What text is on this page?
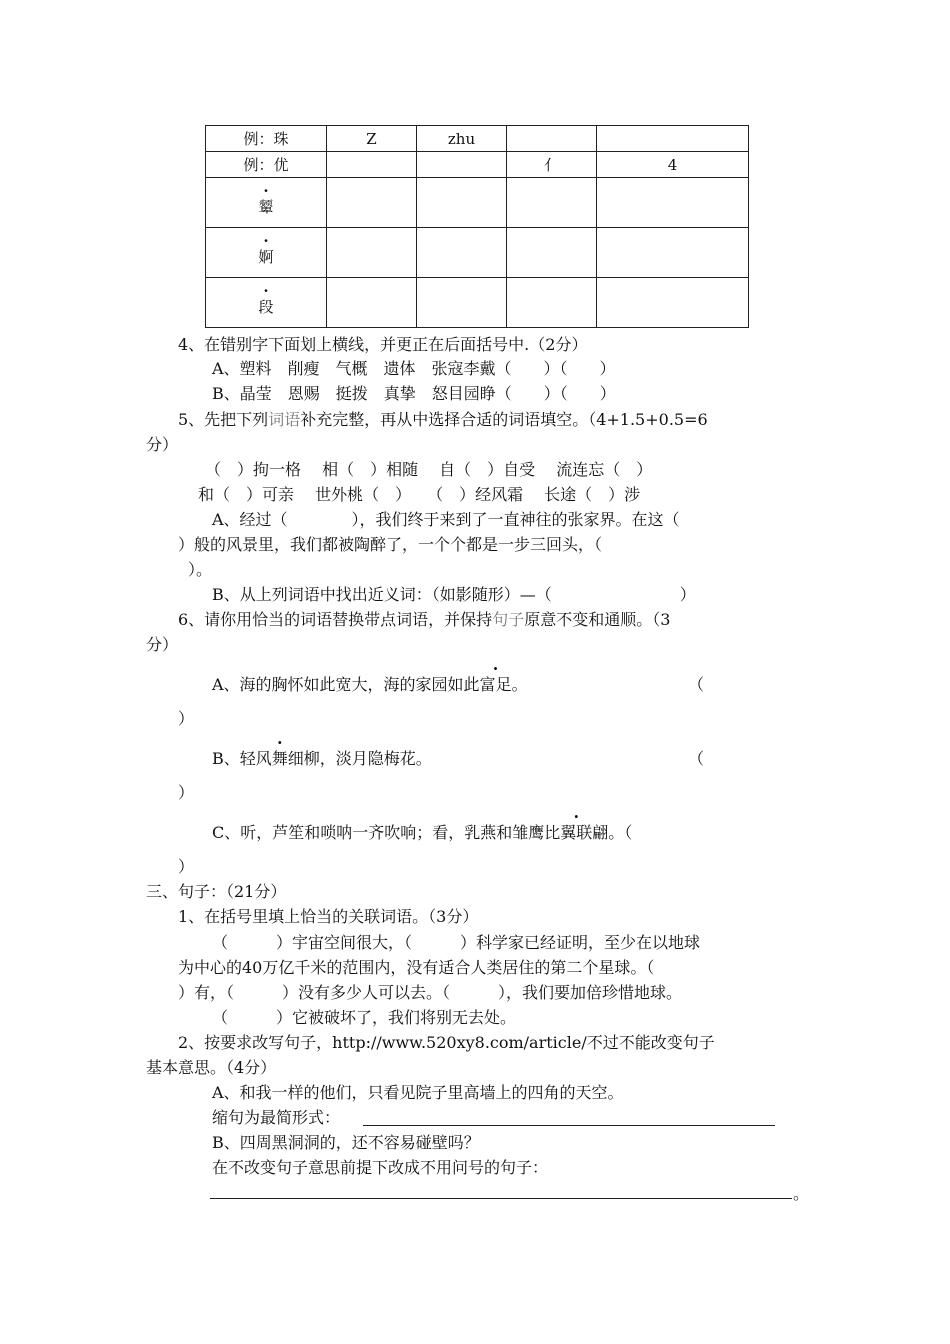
例：珠	Z	zhu		
例：优			亻	4
颦				
婀				
段				
4、在错别字下面划上横线，并更正在后面括号中.（2分）
A、塑料　削瘦　气概　遗体　张寇李戴（　　）（　　）
B、晶莹　恩赐　挺拨　真挚　怒目园睁（　　）（　　）
5、先把下列词语补充完整，再从中选择合适的词语填空。（4+1.5+0.5=6
分）
（　）拘一格　 相（　）相随　 自（　）自受　 流连忘（　）
和（　）可亲　 世外桃（　）　　（　）经风霜　 长途（　）涉
A、经过（　　　　），我们终于来到了一直神往的张家界。在这（
）般的风景里，我们都被陶醉了，一个个都是一步三回头，（
）。
B、从上列词语中找出近义词：（如影随形）—（　　　　　　　　）
6、请你用恰当的词语替换带点词语，并保持句子原意不变和通顺。（3
分）
A、海的胸怀如此宽大，海的家园如此富足。	（
）
B、轻风舞细柳，淡月隐梅花。	（
）
C、听，芦笙和唢呐一齐吹响；看，乳燕和雏鹰比翼联翩。（
）
三、句子：（21分）
1、在括号里填上恰当的关联词语。（3分）
（　　　）宇宙空间很大，（　　　）科学家已经证明，至少在以地球
为中心的40万亿千米的范围内，没有适合人类居住的第二个星球。（
）有，（　　　）没有多少人可以去。（　　　），我们要加倍珍惜地球。
（　　　）它被破坏了，我们将别无去处。
2、按要求改写句子，http://www.520xy8.com/article/不过不能改变句子
基本意思。（4分）
A、和我一样的他们，只看见院子里高墙上的四角的天空。
缩句为最简形式：
B、四周黑洞洞的，还不容易碰壁吗？
在不改变句子意思前提下改成不用问号的句子：
。
